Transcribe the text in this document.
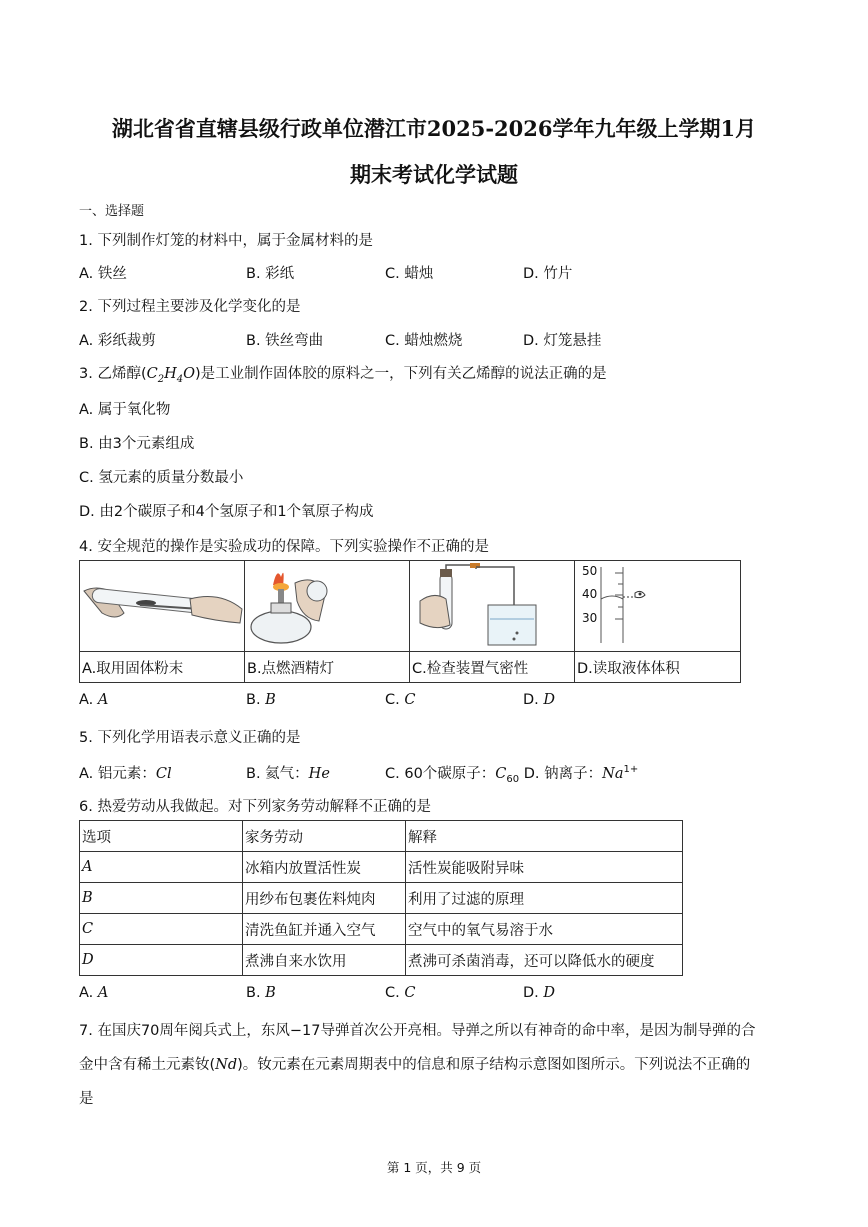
湖北省省直辖县级行政单位潜江市2025-2026学年九年级上学期1月
期末考试化学试题
一、选择题
1. 下列制作灯笼的材料中，属于金属材料的是
A. 铁丝	B. 彩纸	C. 蜡烛	D. 竹片
2. 下列过程主要涉及化学变化的是
A. 彩纸裁剪	B. 铁丝弯曲	C. 蜡烛燃烧	D. 灯笼悬挂
3. 乙烯醇$(C_2H_4O)$是工业制作固体胶的原料之一，下列有关乙烯醇的说法正确的是
A. 属于氧化物
B. 由3个元素组成
C. 氢元素的质量分数最小
D. 由2个碳原子和4个氢原子和1个氧原子构成
4. 安全规范的操作是实验成功的保障。下列实验操作不正确的是

A.取用固体粉末	B.点燃酒精灯	C.检查装置气密性	D.读取液体体积
50
40
30
A. A	B. B	C. C	D. D
5. 下列化学用语表示意义正确的是
A. 铝元素：Cl	B. 氦气：He	C. 60个碳原子：$C_{60}$ D. 钠离子：$Na^{1+}$
6. 热爱劳动从我做起。对下列家务劳动解释不正确的是
选项	家务劳动	解释
A	冰箱内放置活性炭	活性炭能吸附异味
B	用纱布包裹佐料炖肉	利用了过滤的原理
C	清洗鱼缸并通入空气	空气中的氧气易溶于水
D	煮沸自来水饮用	煮沸可杀菌消毒，还可以降低水的硬度
A. A	B. B	C. C	D. D
7. 在国庆70周年阅兵式上，东风−17导弹首次公开亮相。导弹之所以有神奇的命中率，是因为制导弹的合
金中含有稀土元素钕(Nd)。钕元素在元素周期表中的信息和原子结构示意图如图所示。下列说法不正确的
是
第 1 页，共 9 页
